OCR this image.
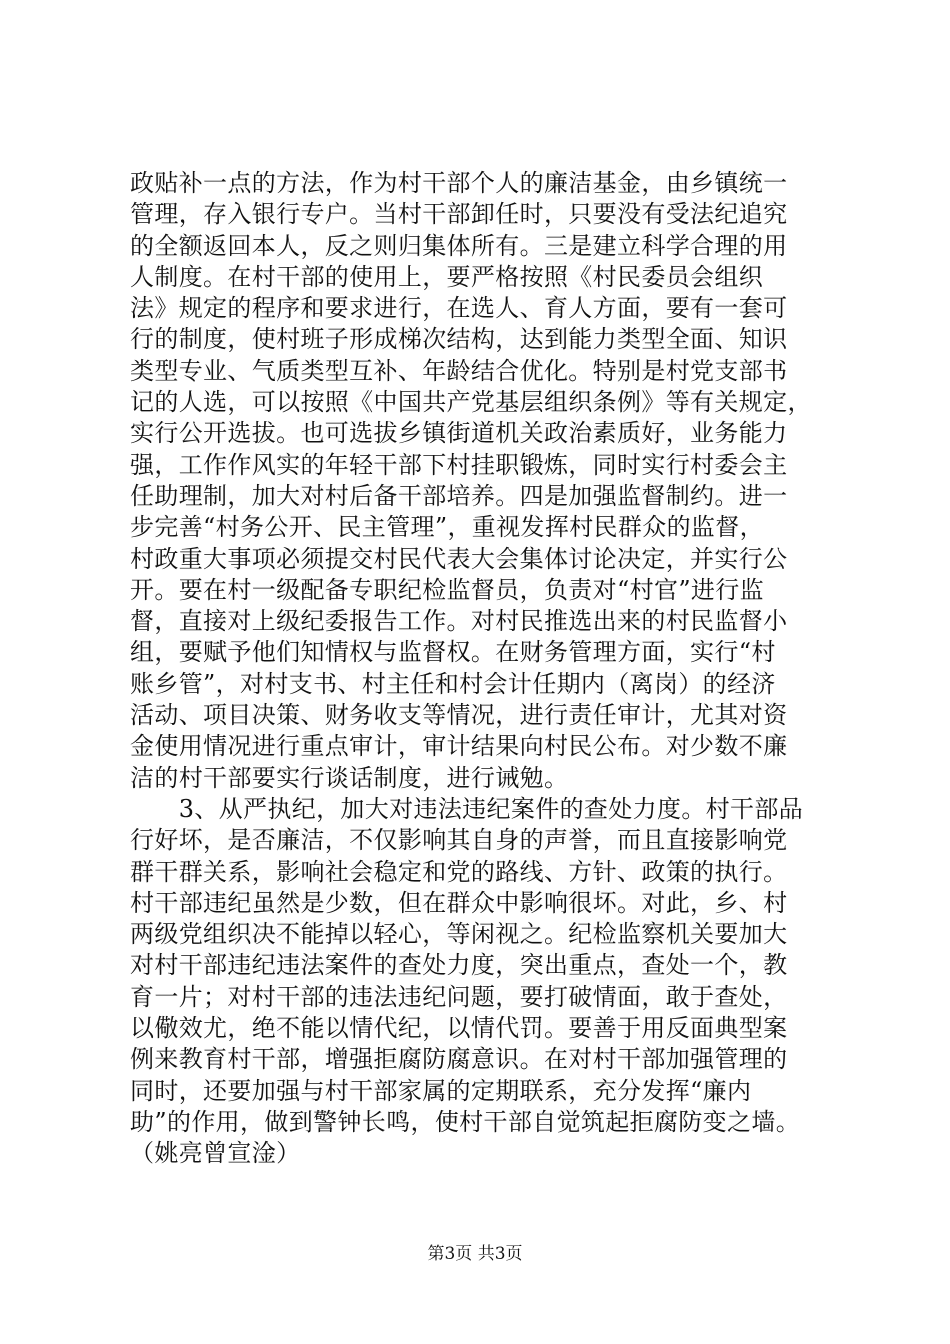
政贴补一点的方法，作为村干部个人的廉洁基金，由乡镇统一
管理，存入银行专户。当村干部卸任时，只要没有受法纪追究
的全额返回本人，反之则归集体所有。三是建立科学合理的用
人制度。在村干部的使用上，要严格按照《村民委员会组织
法》规定的程序和要求进行，在选人、育人方面，要有一套可
行的制度，使村班子形成梯次结构，达到能力类型全面、知识
类型专业、气质类型互补、年龄结合优化。特别是村党支部书
记的人选，可以按照《中国共产党基层组织条例》等有关规定，
实行公开选拔。也可选拔乡镇街道机关政治素质好，业务能力
强，工作作风实的年轻干部下村挂职锻炼，同时实行村委会主
任助理制，加大对村后备干部培养。四是加强监督制约。进一
步完善“村务公开、民主管理”，重视发挥村民群众的监督，
村政重大事项必须提交村民代表大会集体讨论决定，并实行公
开。要在村一级配备专职纪检监督员，负责对“村官”进行监
督，直接对上级纪委报告工作。对村民推选出来的村民监督小
组，要赋予他们知情权与监督权。在财务管理方面，实行“村
账乡管”，对村支书、村主任和村会计任期内（离岗）的经济
活动、项目决策、财务收支等情况，进行责任审计，尤其对资
金使用情况进行重点审计，审计结果向村民公布。对少数不廉
洁的村干部要实行谈话制度，进行诫勉。
　　3、从严执纪，加大对违法违纪案件的查处力度。村干部品
行好坏，是否廉洁，不仅影响其自身的声誉，而且直接影响党
群干群关系，影响社会稳定和党的路线、方针、政策的执行。
村干部违纪虽然是少数，但在群众中影响很坏。对此，乡、村
两级党组织决不能掉以轻心，等闲视之。纪检监察机关要加大
对村干部违纪违法案件的查处力度，突出重点，查处一个，教
育一片；对村干部的违法违纪问题，要打破情面，敢于查处，
以儆效尤，绝不能以情代纪，以情代罚。要善于用反面典型案
例来教育村干部，增强拒腐防腐意识。在对村干部加强管理的
同时，还要加强与村干部家属的定期联系，充分发挥“廉内
助”的作用，做到警钟长鸣，使村干部自觉筑起拒腐防变之墙。
（姚亮曾宣淦）
第3页 共3页
